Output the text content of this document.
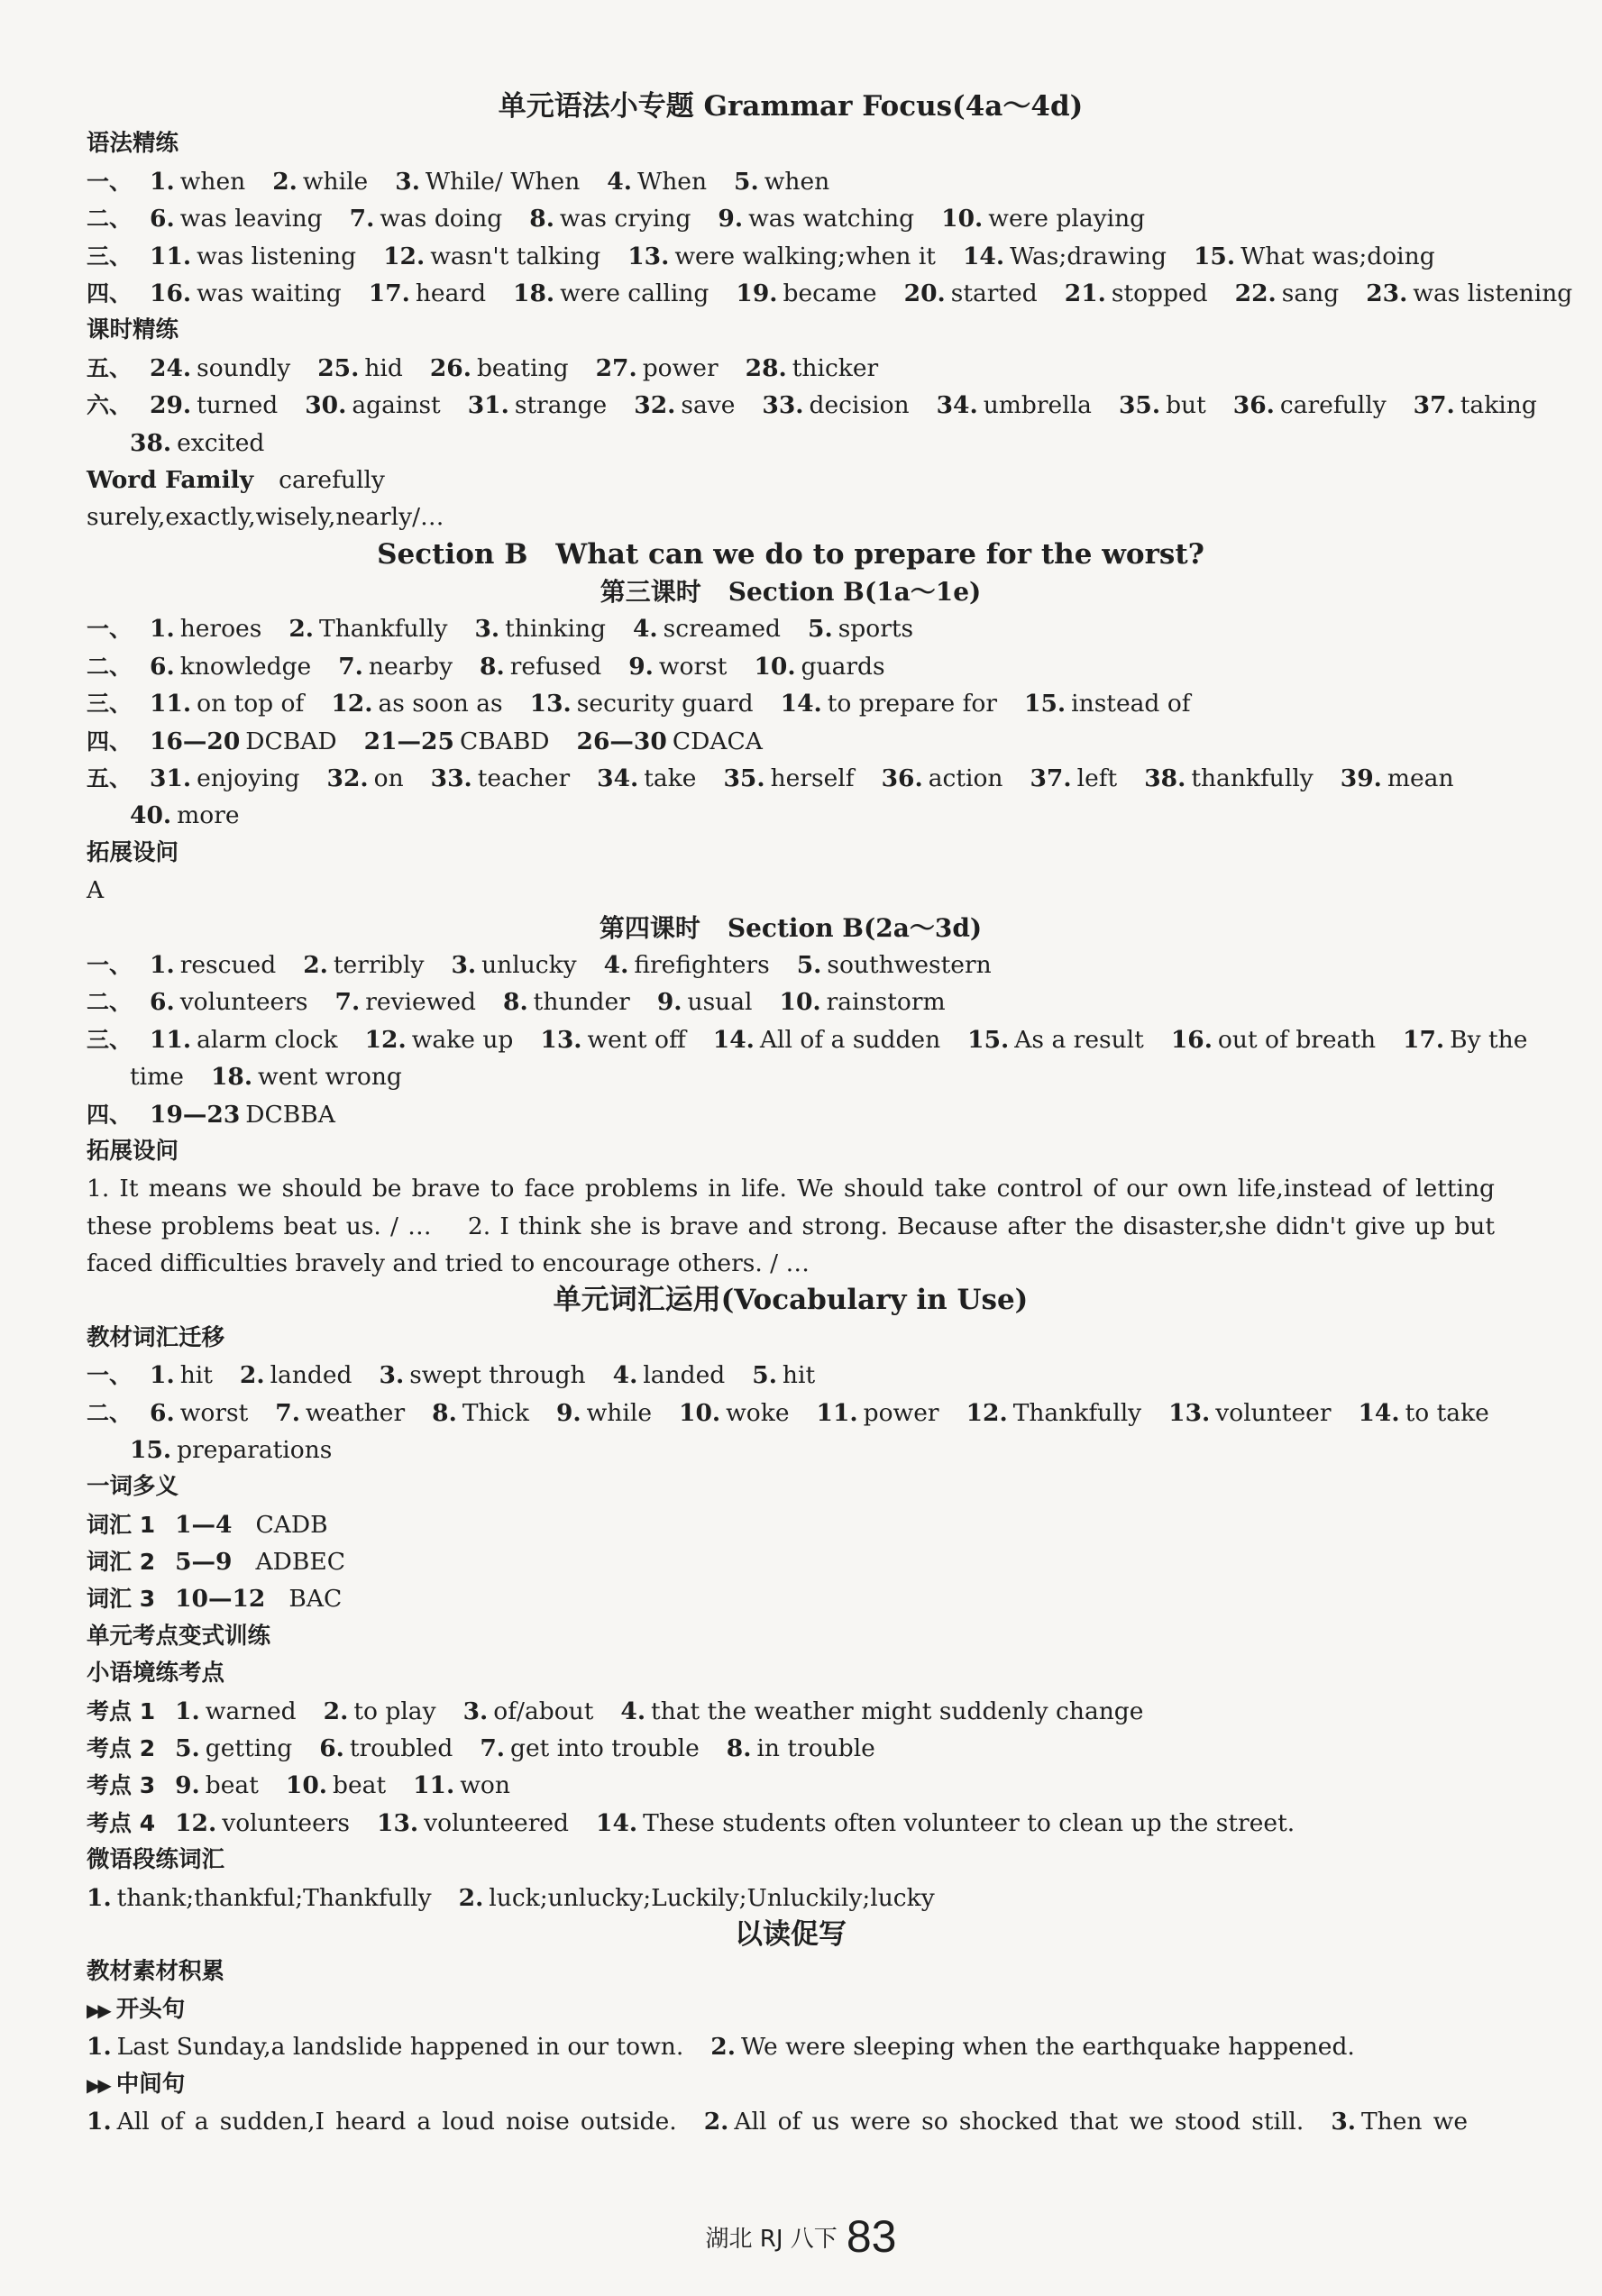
单元语法小专题 Grammar Focus(4a～4d)
语法精练
一、 1. when 2. while 3. While/ When 4. When 5. when
二、 6. was leaving 7. was doing 8. was crying 9. was watching 10. were playing
三、 11. was listening 12. wasn't talking 13. were walking;when it 14. Was;drawing 15. What was;doing
四、 16. was waiting 17. heard 18. were calling 19. became 20. started 21. stopped 22. sang 23. was listening
课时精练
五、 24. soundly 25. hid 26. beating 27. power 28. thicker
六、 29. turned 30. against 31. strange 32. save 33. decision 34. umbrella 35. but 36. carefully 37. taking
38. excited
Word Family carefully
surely,exactly,wisely,nearly/…
Section B　What can we do to prepare for the worst?
第三课时 Section B(1a～1e)
一、 1. heroes 2. Thankfully 3. thinking 4. screamed 5. sports
二、 6. knowledge 7. nearby 8. refused 9. worst 10. guards
三、 11. on top of 12. as soon as 13. security guard 14. to prepare for 15. instead of
四、 16—20 DCBAD 21—25 CBABD 26—30 CDACA
五、 31. enjoying 32. on 33. teacher 34. take 35. herself 36. action 37. left 38. thankfully 39. mean
40. more
拓展设问
A
第四课时 Section B(2a～3d)
一、 1. rescued 2. terribly 3. unlucky 4. firefighters 5. southwestern
二、 6. volunteers 7. reviewed 8. thunder 9. usual 10. rainstorm
三、 11. alarm clock 12. wake up 13. went off 14. All of a sudden 15. As a result 16. out of breath 17. By the
time 18. went wrong
四、 19—23 DCBBA
拓展设问
1. It means we should be brave to face problems in life. We should take control of our own life,instead of letting these problems beat us. / …　 2. I think she is brave and strong. Because after the disaster,she didn't give up but faced difficulties bravely and tried to encourage others. / …
单元词汇运用(Vocabulary in Use)
教材词汇迁移
一、 1. hit 2. landed 3. swept through 4. landed 5. hit
二、 6. worst 7. weather 8. Thick 9. while 10. woke 11. power 12. Thankfully 13. volunteer 14. to take
15. preparations
一词多义
词汇 1 1—4 CADB
词汇 2 5—9 ADBEC
词汇 3 10—12 BAC
单元考点变式训练
小语境练考点
考点 1 1. warned 2. to play 3. of/about 4. that the weather might suddenly change
考点 2 5. getting 6. troubled 7. get into trouble 8. in trouble
考点 3 9. beat 10. beat 11. won
考点 4 12. volunteers 13. volunteered 14. These students often volunteer to clean up the street.
微语段练词汇
1. thank;thankful;Thankfully 2. luck;unlucky;Luckily;Unluckily;lucky
以读促写
教材素材积累
▶▶ 开头句
1. Last Sunday,a landslide happened in our town. 2. We were sleeping when the earthquake happened.
▶▶ 中间句
1. All of a sudden,I heard a loud noise outside. 2. All of us were so shocked that we stood still. 3. Then we
湖北 RJ 八下 83
